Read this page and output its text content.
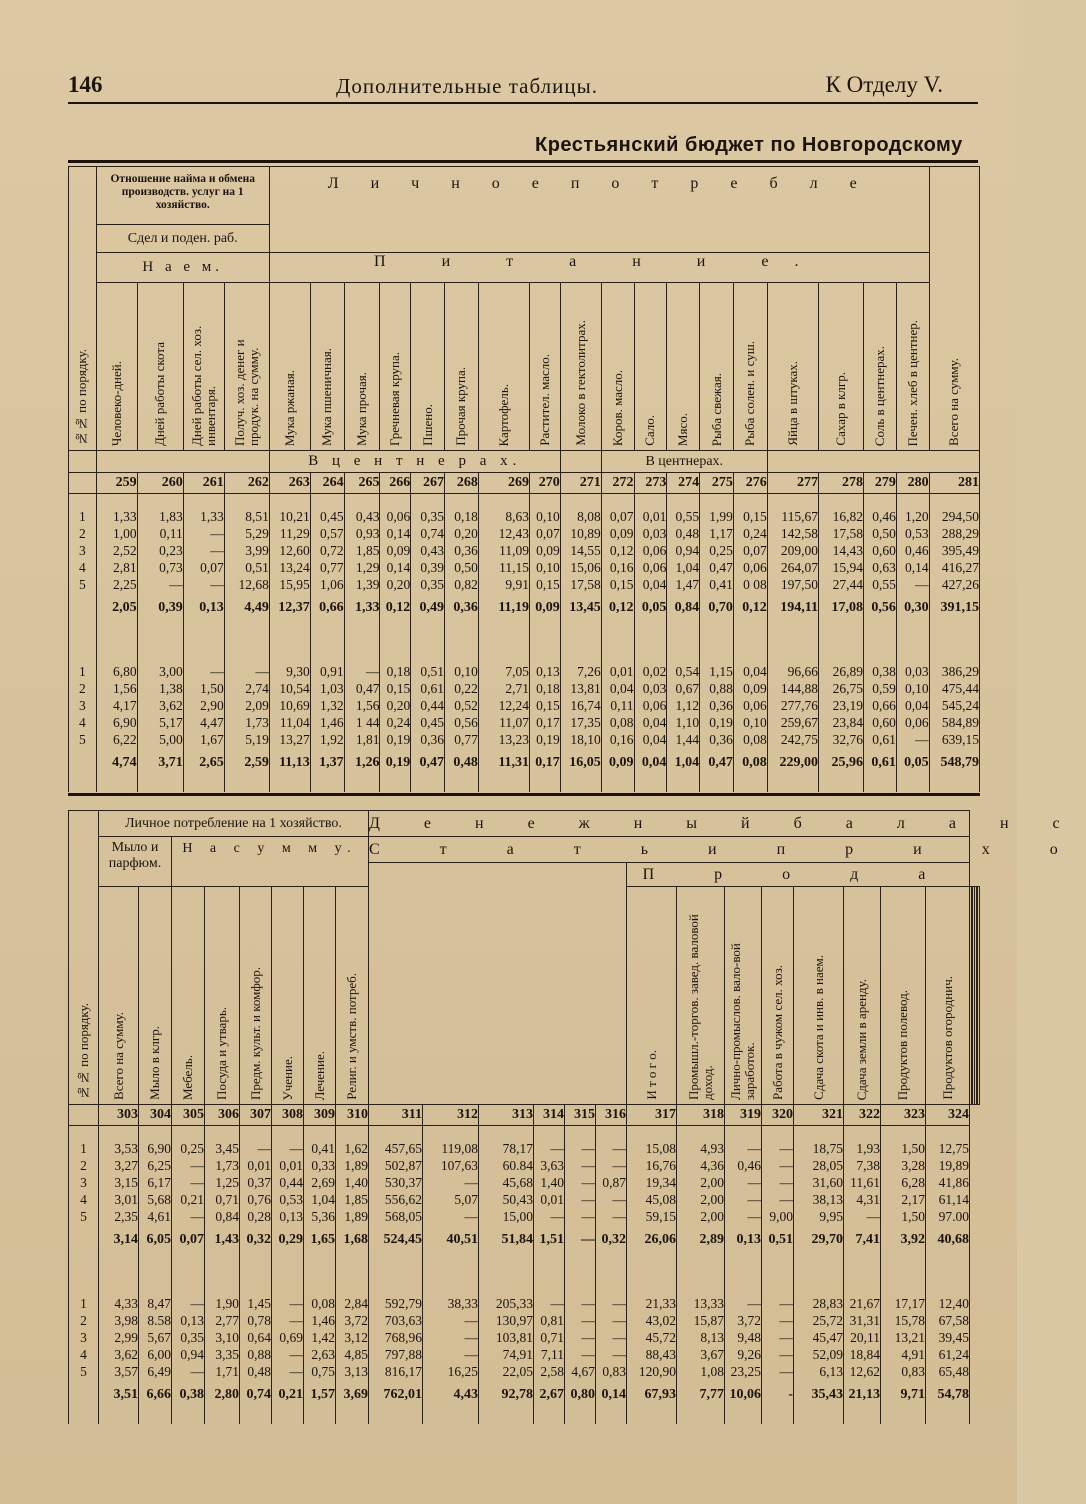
146	Дополнительные таблицы.	К Отделу V.
Крестьянский бюджет по Новгородскому
№№ по порядку.	Отношение найма и обмена производств. услуг на 1 хозяйство.				Л и ч н о е п о т р е б л е																		Всего на сумму.
	Сдел и поден. раб.																						
	Н а е м.				П и т а н и е.																		
	Человеко-дней.	Дней работы скота	Дней работы сел. хоз. инвентаря.	Получ. хоз. денег и продук. на сумму.	Мука ржаная.	Мука пшеничная.	Мука прочая.	Гречневая крупа.	Пшено.	Прочая крупа.	Картофель.	Растител. масло.	Молоко в гектолитрах.	Коров. масло.	Сало.	Мясо.	Рыба свежая.	Рыба солен. и суш.	Яйца в штуках.	Сахар в клгр.	Соль в центнерах.	Печен. хлеб в центнер.	
					В ц е н т н е р а х.									В центнерах.									
	259	260	261	262	263	264	265	266	267	268	269	270	271	272	273	274	275	276	277	278	279	280	281

1	1,33	1,83	1,33	8,51	10,21	0,45	0,43	0,06	0,35	0,18	8,63	0,10	8,08	0,07	0,01	0,55	1,99	0,15	115,67	16,82	0,46	1,20	294,50
2	1,00	0,11	—	5,29	11,29	0,57	0,93	0,14	0,74	0,20	12,43	0,07	10,89	0,09	0,03	0,48	1,17	0,24	142,58	17,58	0,50	0,53	288,29
3	2,52	0,23	—	3,99	12,60	0,72	1,85	0,09	0,43	0,36	11,09	0,09	14,55	0,12	0,06	0,94	0,25	0,07	209,00	14,43	0,60	0,46	395,49
4	2,81	0,73	0,07	0,51	13,24	0,77	1,29	0,14	0,39	0,50	11,15	0,10	15,06	0,16	0,06	1,04	0,47	0,06	264,07	15,94	0,63	0,14	416,27
5	2,25	—	—	12,68	15,95	1,06	1,39	0,20	0,35	0,82	9,91	0,15	17,58	0,15	0,04	1,47	0,41	0 08	197,50	27,44	0,55	—	427,26
	2,05	0,39	0,13	4,49	12,37	0,66	1,33	0,12	0,49	0,36	11,19	0,09	13,45	0,12	0,05	0,84	0,70	0,12	194,11	17,08	0,56	0,30	391,15

1	6,80	3,00	—	—	9,30	0,91	—	0,18	0,51	0,10	7,05	0,13	7,26	0,01	0,02	0,54	1,15	0,04	96,66	26,89	0,38	0,03	386,29
2	1,56	1,38	1,50	2,74	10,54	1,03	0,47	0,15	0,61	0,22	2,71	0,18	13,81	0,04	0,03	0,67	0,88	0,09	144,88	26,75	0,59	0,10	475,44
3	4,17	3,62	2,90	2,09	10,69	1,32	1,56	0,20	0,44	0,52	12,24	0,15	16,74	0,11	0,06	1,12	0,36	0,06	277,76	23,19	0,66	0,04	545,24
4	6,90	5,17	4,47	1,73	11,04	1,46	1 44	0,24	0,45	0,56	11,07	0,17	17,35	0,08	0,04	1,10	0,19	0,10	259,67	23,84	0,60	0,06	584,89
5	6,22	5,00	1,67	5,19	13,27	1,92	1,81	0,19	0,36	0,77	13,23	0,19	18,10	0,16	0,04	1,44	0,36	0,08	242,75	32,76	0,61	—	639,15
	4,74	3,71	2,65	2,59	11,13	1,37	1,26	0,19	0,47	0,48	11,31	0,17	16,05	0,09	0,04	1,04	0,47	0,08	229,00	25,96	0,61	0,05	548,79

№№ по порядку.	Личное потребление на 1 хозяйство.								Д е н е ж н ы й б а л а н с																	
	Мыло и парфюм.		Н а с у м м у.						С т а т ь и п р и х о																	
															П р о д а											
	Всего на сумму.	Мыло в клгр.	Мебель.	Посуда и утварь.	Предм. культ. и комфор.	Учение.	Лечение.	Религ. и умств. потреб.							И т о г о.	Промышл.-торгов. завед. валовой доход.	Лично-промыслов. вало-вой заработок.	Работа в чужом сел. хоз.	Сдача скота и инв. в наем.	Сдача земли в аренду.	Продуктов полевод.	Продуктов огороднич.						
	303	304	305	306	307	308	309	310	311	312	313	314	315	316	317	318	319	320	321	322	323	324				

1	3,53	6,90	0,25	3,45	—	—	0,41	1,62	457,65	119,08	78,17	—	—	—	15,08	4,93	—	—	18,75	1,93	1,50	12,75				
2	3,27	6,25	—	1,73	0,01	0,01	0,33	1,89	502,87	107,63	60.84	3,63	—	—	16,76	4,36	0,46	—	28,05	7,38	3,28	19,89				
3	3,15	6,17	—	1,25	0,37	0,44	2,69	1,40	530,37	—	45,68	1,40	—	0,87	19,34	2,00	—	—	31,60	11,61	6,28	41,86				
4	3,01	5,68	0,21	0,71	0,76	0,53	1,04	1,85	556,62	5,07	50,43	0,01	—	—	45,08	2,00	—	—	38,13	4,31	2,17	61,14				
5	2,35	4,61	—	0,84	0,28	0,13	5,36	1,89	568,05	—	15,00	—	—	—	59,15	2,00	—	9,00	9,95	—	1,50	97.00				
	3,14	6,05	0,07	1,43	0,32	0,29	1,65	1,68	524,45	40,51	51,84	1,51	—	0,32	26,06	2,89	0,13	0,51	29,70	7,41	3,92	40,68				

1	4,33	8,47	—	1,90	1,45	—	0,08	2,84	592,79	38,33	205,33	—	—	—	21,33	13,33	—	—	28,83	21,67	17,17	12,40				
2	3,98	8.58	0,13	2,77	0,78	—	1,46	3,72	703,63	—	130,97	0,81	—	—	43,02	15,87	3,72	—	25,72	31,31	15,78	67,58				
3	2,99	5,67	0,35	3,10	0,64	0,69	1,42	3,12	768,96	—	103,81	0,71	—	—	45,72	8,13	9,48	—	45,47	20,11	13,21	39,45				
4	3,62	6,00	0,94	3,35	0,88	—	2,63	4,85	797,88	—	74,91	7,11	—	—	88,43	3,67	9,26	—	52,09	18,84	4,91	61,24				
5	3,57	6,49	—	1,71	0,48	—	0,75	3,13	816,17	16,25	22,05	2,58	4,67	0,83	120,90	1,08	23,25	—	6,13	12,62	0,83	65,48				
	3,51	6,66	0,38	2,80	0,74	0,21	1,57	3,69	762,01	4,43	92,78	2,67	0,80	0,14	67,93	7,77	10,06	-	35,43	21,13	9,71	54,78				
